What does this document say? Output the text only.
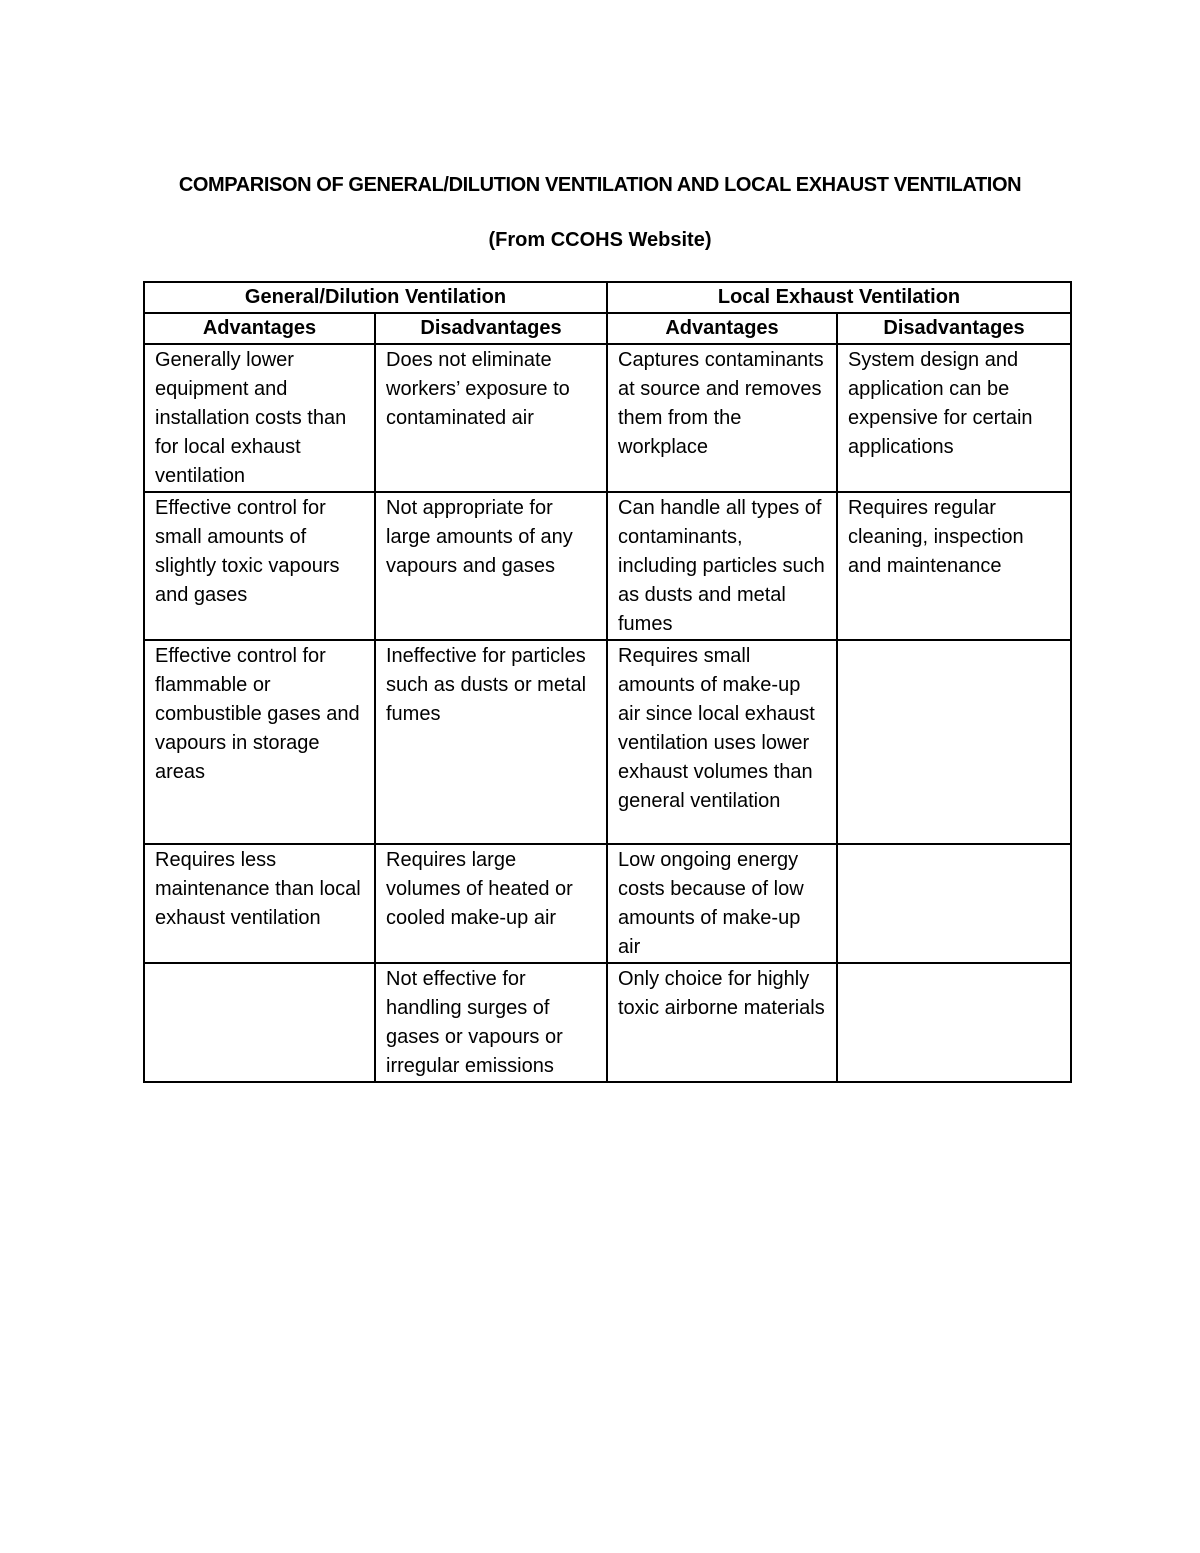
COMPARISON OF GENERAL/DILUTION VENTILATION AND LOCAL EXHAUST VENTILATION

(From CCOHS Website)

General/Dilution Ventilation		Local Exhaust Ventilation	
Advantages	Disadvantages	Advantages	Disadvantages
Generally lower equipment and installation costs than for local exhaust ventilation	Does not eliminate workers’ exposure to contaminated air	Captures contaminants at source and removes them from the workplace	System design and application can be expensive for certain applications
Effective control for small amounts of slightly toxic vapours and gases	Not appropriate for large amounts of any vapours and gases	Can handle all types of contaminants, including particles such as dusts and metal fumes	Requires regular cleaning, inspection and maintenance
Effective control for flammable or combustible gases and vapours in storage areas	Ineffective for particles such as dusts or metal fumes	Requires small amounts of make-up air since local exhaust ventilation uses lower exhaust volumes than general ventilation	
Requires less maintenance than local exhaust ventilation	Requires large volumes of heated or cooled make-up air	Low ongoing energy costs because of low amounts of make-up air	
	Not effective for handling surges of gases or vapours or irregular emissions	Only choice for highly toxic airborne materials	
